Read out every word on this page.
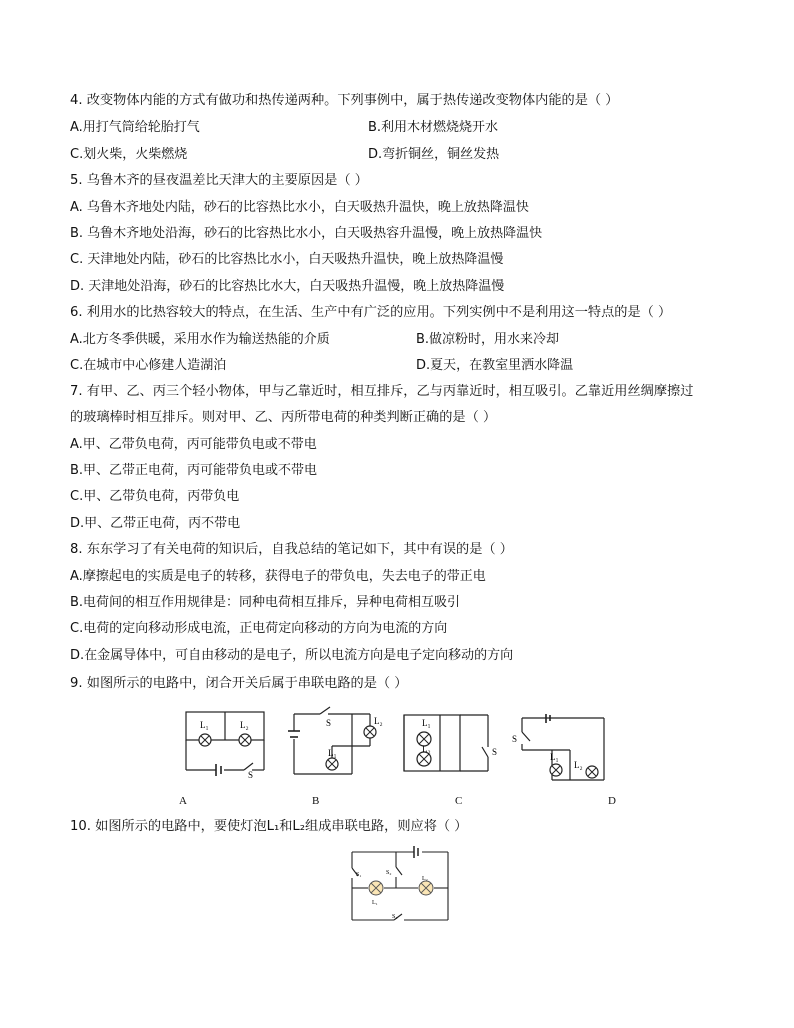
4. 改变物体内能的方式有做功和热传递两种。下列事例中，属于热传递改变物体内能的是（ ）
A.用打气筒给轮胎打气	B.利用木材燃烧烧开水
C.划火柴，火柴燃烧	D.弯折铜丝，铜丝发热
5. 乌鲁木齐的昼夜温差比天津大的主要原因是（ ）
A. 乌鲁木齐地处内陆，砂石的比容热比水小，白天吸热升温快，晚上放热降温快
B. 乌鲁木齐地处沿海，砂石的比容热比水小，白天吸热容升温慢，晚上放热降温快
C. 天津地处内陆，砂石的比容热比水小，白天吸热升温快，晚上放热降温慢
D. 天津地处沿海，砂石的比容热比水大，白天吸热升温慢，晚上放热降温慢
6. 利用水的比热容较大的特点，在生活、生产中有广泛的应用。下列实例中不是利用这一特点的是（ ）
A.北方冬季供暖，采用水作为输送热能的介质	B.做凉粉时，用水来冷却
C.在城市中心修建人造湖泊	D.夏天，在教室里洒水降温
7. 有甲、乙、丙三个轻小物体，甲与乙靠近时，相互排斥，乙与丙靠近时，相互吸引。乙靠近用丝绸摩擦过
的玻璃棒时相互排斥。则对甲、乙、丙所带电荷的种类判断正确的是（ ）
A.甲、乙带负电荷，丙可能带负电或不带电
B.甲、乙带正电荷，丙可能带负电或不带电
C.甲、乙带负电荷，丙带负电
D.甲、乙带正电荷，丙不带电
8. 东东学习了有关电荷的知识后，自我总结的笔记如下，其中有误的是（ ）
A.摩擦起电的实质是电子的转移，获得电子的带负电，失去电子的带正电
B.电荷间的相互作用规律是：同种电荷相互排斥，异种电荷相互吸引
C.电荷的定向移动形成电流，正电荷定向移动的方向为电流的方向
D.在金属导体中，可自由移动的是电子，所以电流方向是电子定向移动的方向
9. 如图所示的电路中，闭合开关后属于串联电路的是（ ）
L₁	L₂
S
S	L₂
L₁
L₁
L₂	S
S
L₁
L₂
A	B	C	D
10. 如图所示的电路中，要使灯泡L₁和L₂组成串联电路，则应将（ ）
S₁	S₂
S₃
L₁
L₂
